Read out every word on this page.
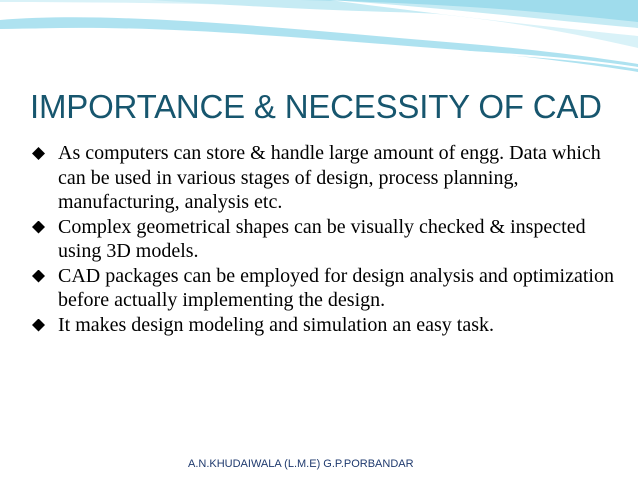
IMPORTANCE & NECESSITY OF CAD
As computers can store & handle large amount of engg. Data which can be used in various stages of design, process planning, manufacturing, analysis etc.
Complex geometrical shapes can be visually checked & inspected using 3D models.
CAD packages can be employed for design analysis and optimization before actually implementing the design.
It makes design modeling and simulation an easy task.
A.N.KHUDAIWALA (L.M.E) G.P.PORBANDAR
